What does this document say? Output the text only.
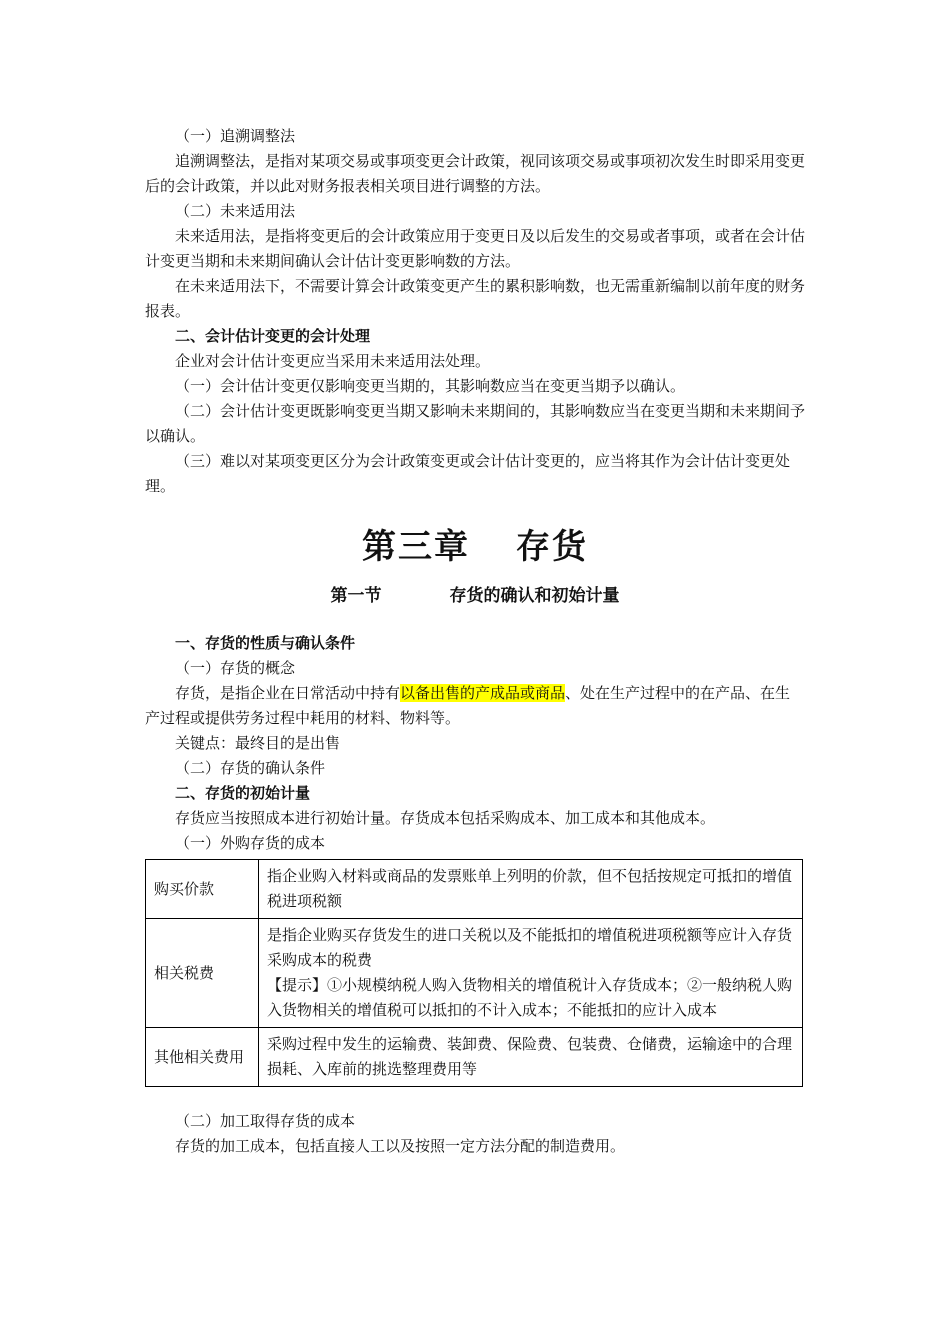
（一）追溯调整法

追溯调整法，是指对某项交易或事项变更会计政策，视同该项交易或事项初次发生时即采用变更后的会计政策，并以此对财务报表相关项目进行调整的方法。

（二）未来适用法

未来适用法，是指将变更后的会计政策应用于变更日及以后发生的交易或者事项，或者在会计估计变更当期和未来期间确认会计估计变更影响数的方法。

在未来适用法下，不需要计算会计政策变更产生的累积影响数，也无需重新编制以前年度的财务报表。

二、会计估计变更的会计处理

企业对会计估计变更应当采用未来适用法处理。

（一）会计估计变更仅影响变更当期的，其影响数应当在变更当期予以确认。

（二）会计估计变更既影响变更当期又影响未来期间的，其影响数应当在变更当期和未来期间予以确认。

（三）难以对某项变更区分为会计政策变更或会计估计变更的，应当将其作为会计估计变更处理。

第三章 存货
第一节	存货的确认和初始计量

一、存货的性质与确认条件

（一）存货的概念

存货，是指企业在日常活动中持有以备出售的产成品或商品、处在生产过程中的在产品、在生产过程或提供劳务过程中耗用的材料、物料等。

关键点：最终目的是出售

（二）存货的确认条件

二、存货的初始计量

存货应当按照成本进行初始计量。存货成本包括采购成本、加工成本和其他成本。

（一）外购存货的成本

购买价款	指企业购入材料或商品的发票账单上列明的价款，但不包括按规定可抵扣的增值税进项税额

相关税费	是指企业购买存货发生的进口关税以及不能抵扣的增值税进项税额等应计入存货采购成本的税费
【提示】①小规模纳税人购入货物相关的增值税计入存货成本；②一般纳税人购入货物相关的增值税可以抵扣的不计入成本；不能抵扣的应计入成本

其他相关费用	采购过程中发生的运输费、装卸费、保险费、包装费、仓储费，运输途中的合理损耗、入库前的挑选整理费用等

（二）加工取得存货的成本

存货的加工成本，包括直接人工以及按照一定方法分配的制造费用。
